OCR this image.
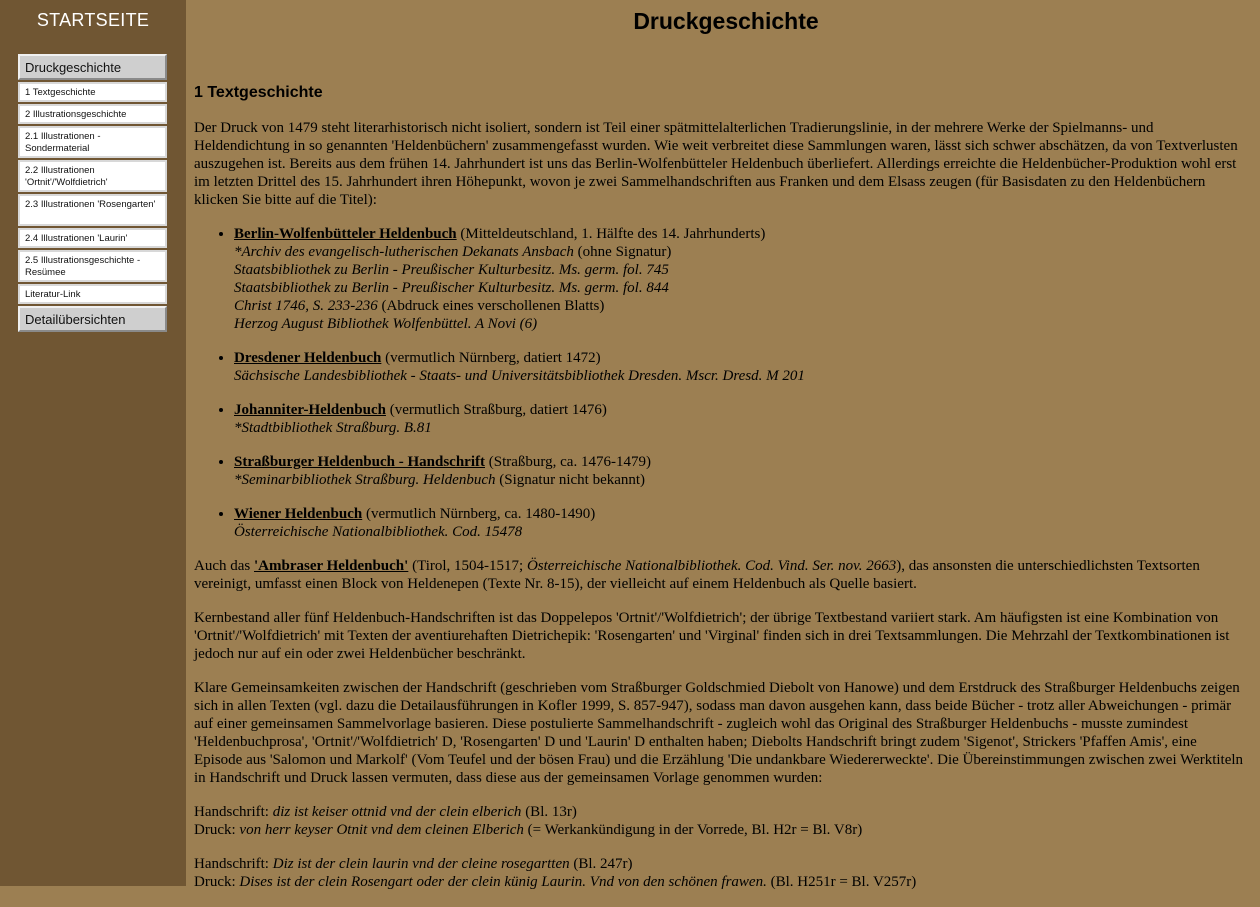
STARTSEITE
Druckgeschichte
1 Textgeschichte
2 Illustrationsgeschichte
2.1 Illustrationen - Sondermaterial
2.2 Illustrationen 'Ortnit'/'Wolfdietrich'
2.3 Illustrationen 'Rosengarten'
2.4 Illustrationen 'Laurin'
2.5 Illustrationsgeschichte - Resümee
Literatur-Link
Detailübersichten
Druckgeschichte
1 Textgeschichte

Der Druck von 1479 steht literarhistorisch nicht isoliert, sondern ist Teil einer spätmittelalterlichen Tradierungslinie, in der mehrere Werke der Spielmanns- und Heldendichtung in so genannten 'Heldenbüchern' zusammengefasst wurden. Wie weit verbreitet diese Sammlungen waren, lässt sich schwer abschätzen, da von Textverlusten auszugehen ist. Bereits aus dem frühen 14. Jahrhundert ist uns das Berlin-Wolfenbütteler Heldenbuch überliefert. Allerdings erreichte die Heldenbücher-Produktion wohl erst im letzten Drittel des 15. Jahrhundert ihren Höhepunkt, wovon je zwei Sammelhandschriften aus Franken und dem Elsass zeugen (für Basisdaten zu den Heldenbüchern klicken Sie bitte auf die Titel):

• Berlin-Wolfenbütteler Heldenbuch (Mitteldeutschland, 1. Hälfte des 14. Jahrhunderts)
*Archiv des evangelisch-lutherischen Dekanats Ansbach (ohne Signatur)
Staatsbibliothek zu Berlin - Preußischer Kulturbesitz. Ms. germ. fol. 745
Staatsbibliothek zu Berlin - Preußischer Kulturbesitz. Ms. germ. fol. 844
Christ 1746, S. 233-236 (Abdruck eines verschollenen Blatts)
Herzog August Bibliothek Wolfenbüttel. A Novi (6)
• Dresdener Heldenbuch (vermutlich Nürnberg, datiert 1472)
Sächsische Landesbibliothek - Staats- und Universitätsbibliothek Dresden. Mscr. Dresd. M 201
• Johanniter-Heldenbuch (vermutlich Straßburg, datiert 1476)
*Stadtbibliothek Straßburg. B.81
• Straßburger Heldenbuch - Handschrift (Straßburg, ca. 1476-1479)
*Seminarbibliothek Straßburg. Heldenbuch (Signatur nicht bekannt)
• Wiener Heldenbuch (vermutlich Nürnberg, ca. 1480-1490)
Österreichische Nationalbibliothek. Cod. 15478

Auch das 'Ambraser Heldenbuch' (Tirol, 1504-1517; Österreichische Nationalbibliothek. Cod. Vind. Ser. nov. 2663), das ansonsten die unterschiedlichsten Textsorten vereinigt, umfasst einen Block von Heldenepen (Texte Nr. 8-15), der vielleicht auf einem Heldenbuch als Quelle basiert.

Kernbestand aller fünf Heldenbuch-Handschriften ist das Doppelepos 'Ortnit'/'Wolfdietrich'; der übrige Textbestand variiert stark. Am häufigsten ist eine Kombination von 'Ortnit'/'Wolfdietrich' mit Texten der aventiurehaften Dietrichepik: 'Rosengarten' und 'Virginal' finden sich in drei Textsammlungen. Die Mehrzahl der Textkombinationen ist jedoch nur auf ein oder zwei Heldenbücher beschränkt.

Klare Gemeinsamkeiten zwischen der Handschrift (geschrieben vom Straßburger Goldschmied Diebolt von Hanowe) und dem Erstdruck des Straßburger Heldenbuchs zeigen sich in allen Texten (vgl. dazu die Detailausführungen in Kofler 1999, S. 857-947), sodass man davon ausgehen kann, dass beide Bücher - trotz aller Abweichungen - primär auf einer gemeinsamen Sammelvorlage basieren. Diese postulierte Sammelhandschrift - zugleich wohl das Original des Straßburger Heldenbuchs - musste zumindest 'Heldenbuchprosa', 'Ortnit'/'Wolfdietrich' D, 'Rosengarten' D und 'Laurin' D enthalten haben; Diebolts Handschrift bringt zudem 'Sigenot', Strickers 'Pfaffen Amis', eine Episode aus 'Salomon und Markolf' (Vom Teufel und der bösen Frau) und die Erzählung 'Die undankbare Wiedererweckte'. Die Übereinstimmungen zwischen zwei Werktiteln in Handschrift und Druck lassen vermuten, dass diese aus der gemeinsamen Vorlage genommen wurden:

Handschrift: diz ist keiser ottnid vnd der clein elberich (Bl. 13r)
Druck: von herr keyser Otnit vnd dem cleinen Elberich (= Werkankündigung in der Vorrede, Bl. H2r = Bl. V8r)

Handschrift: Diz ist der clein laurin vnd der cleine rosegartten (Bl. 247r)
Druck: Dises ist der clein Rosengart oder der clein künig Laurin. Vnd von den schönen frawen. (Bl. H251r = Bl. V257r)
